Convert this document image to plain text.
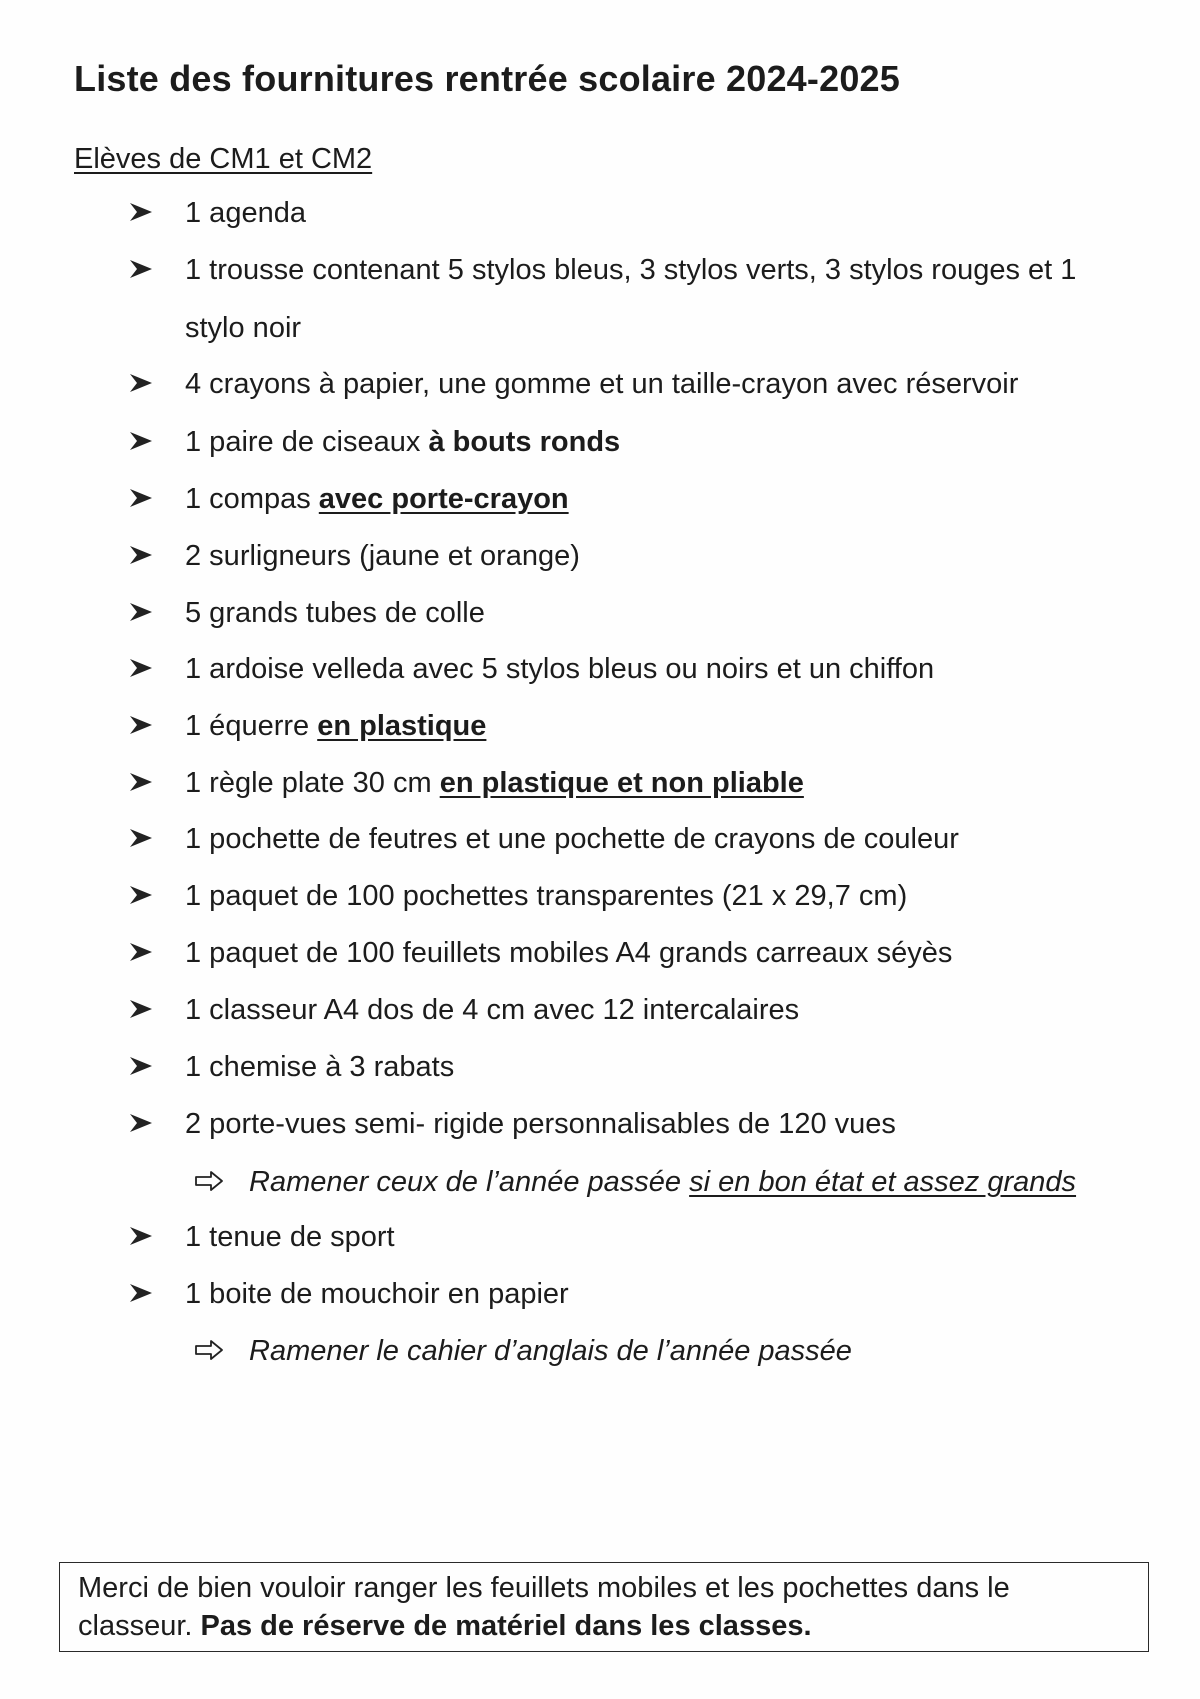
Liste des fournitures rentrée scolaire 2024-2025
Elèves de CM1 et CM2
1 agenda
1 trousse contenant 5 stylos bleus, 3 stylos verts, 3 stylos rouges et 1
stylo noir
4 crayons à papier, une gomme et un taille-crayon avec réservoir
1 paire de ciseaux à bouts ronds
1 compas avec porte-crayon
2 surligneurs (jaune et orange)
5 grands tubes de colle
1 ardoise velleda avec 5 stylos bleus ou noirs et un chiffon
1 équerre en plastique
1 règle plate 30 cm en plastique et non pliable
1 pochette de feutres et une pochette de crayons de couleur
1 paquet de 100 pochettes transparentes (21 x 29,7 cm)
1 paquet de 100 feuillets mobiles A4 grands carreaux séyès
1 classeur A4 dos de 4 cm avec 12 intercalaires
1 chemise à 3 rabats
2 porte-vues semi- rigide personnalisables de 120 vues
Ramener ceux de l’année passée si en bon état et assez grands
1 tenue de sport
1 boite de mouchoir en papier
Ramener le cahier d’anglais de l’année passée
Merci de bien vouloir ranger les feuillets mobiles et les pochettes dans le
classeur. Pas de réserve de matériel dans les classes.
